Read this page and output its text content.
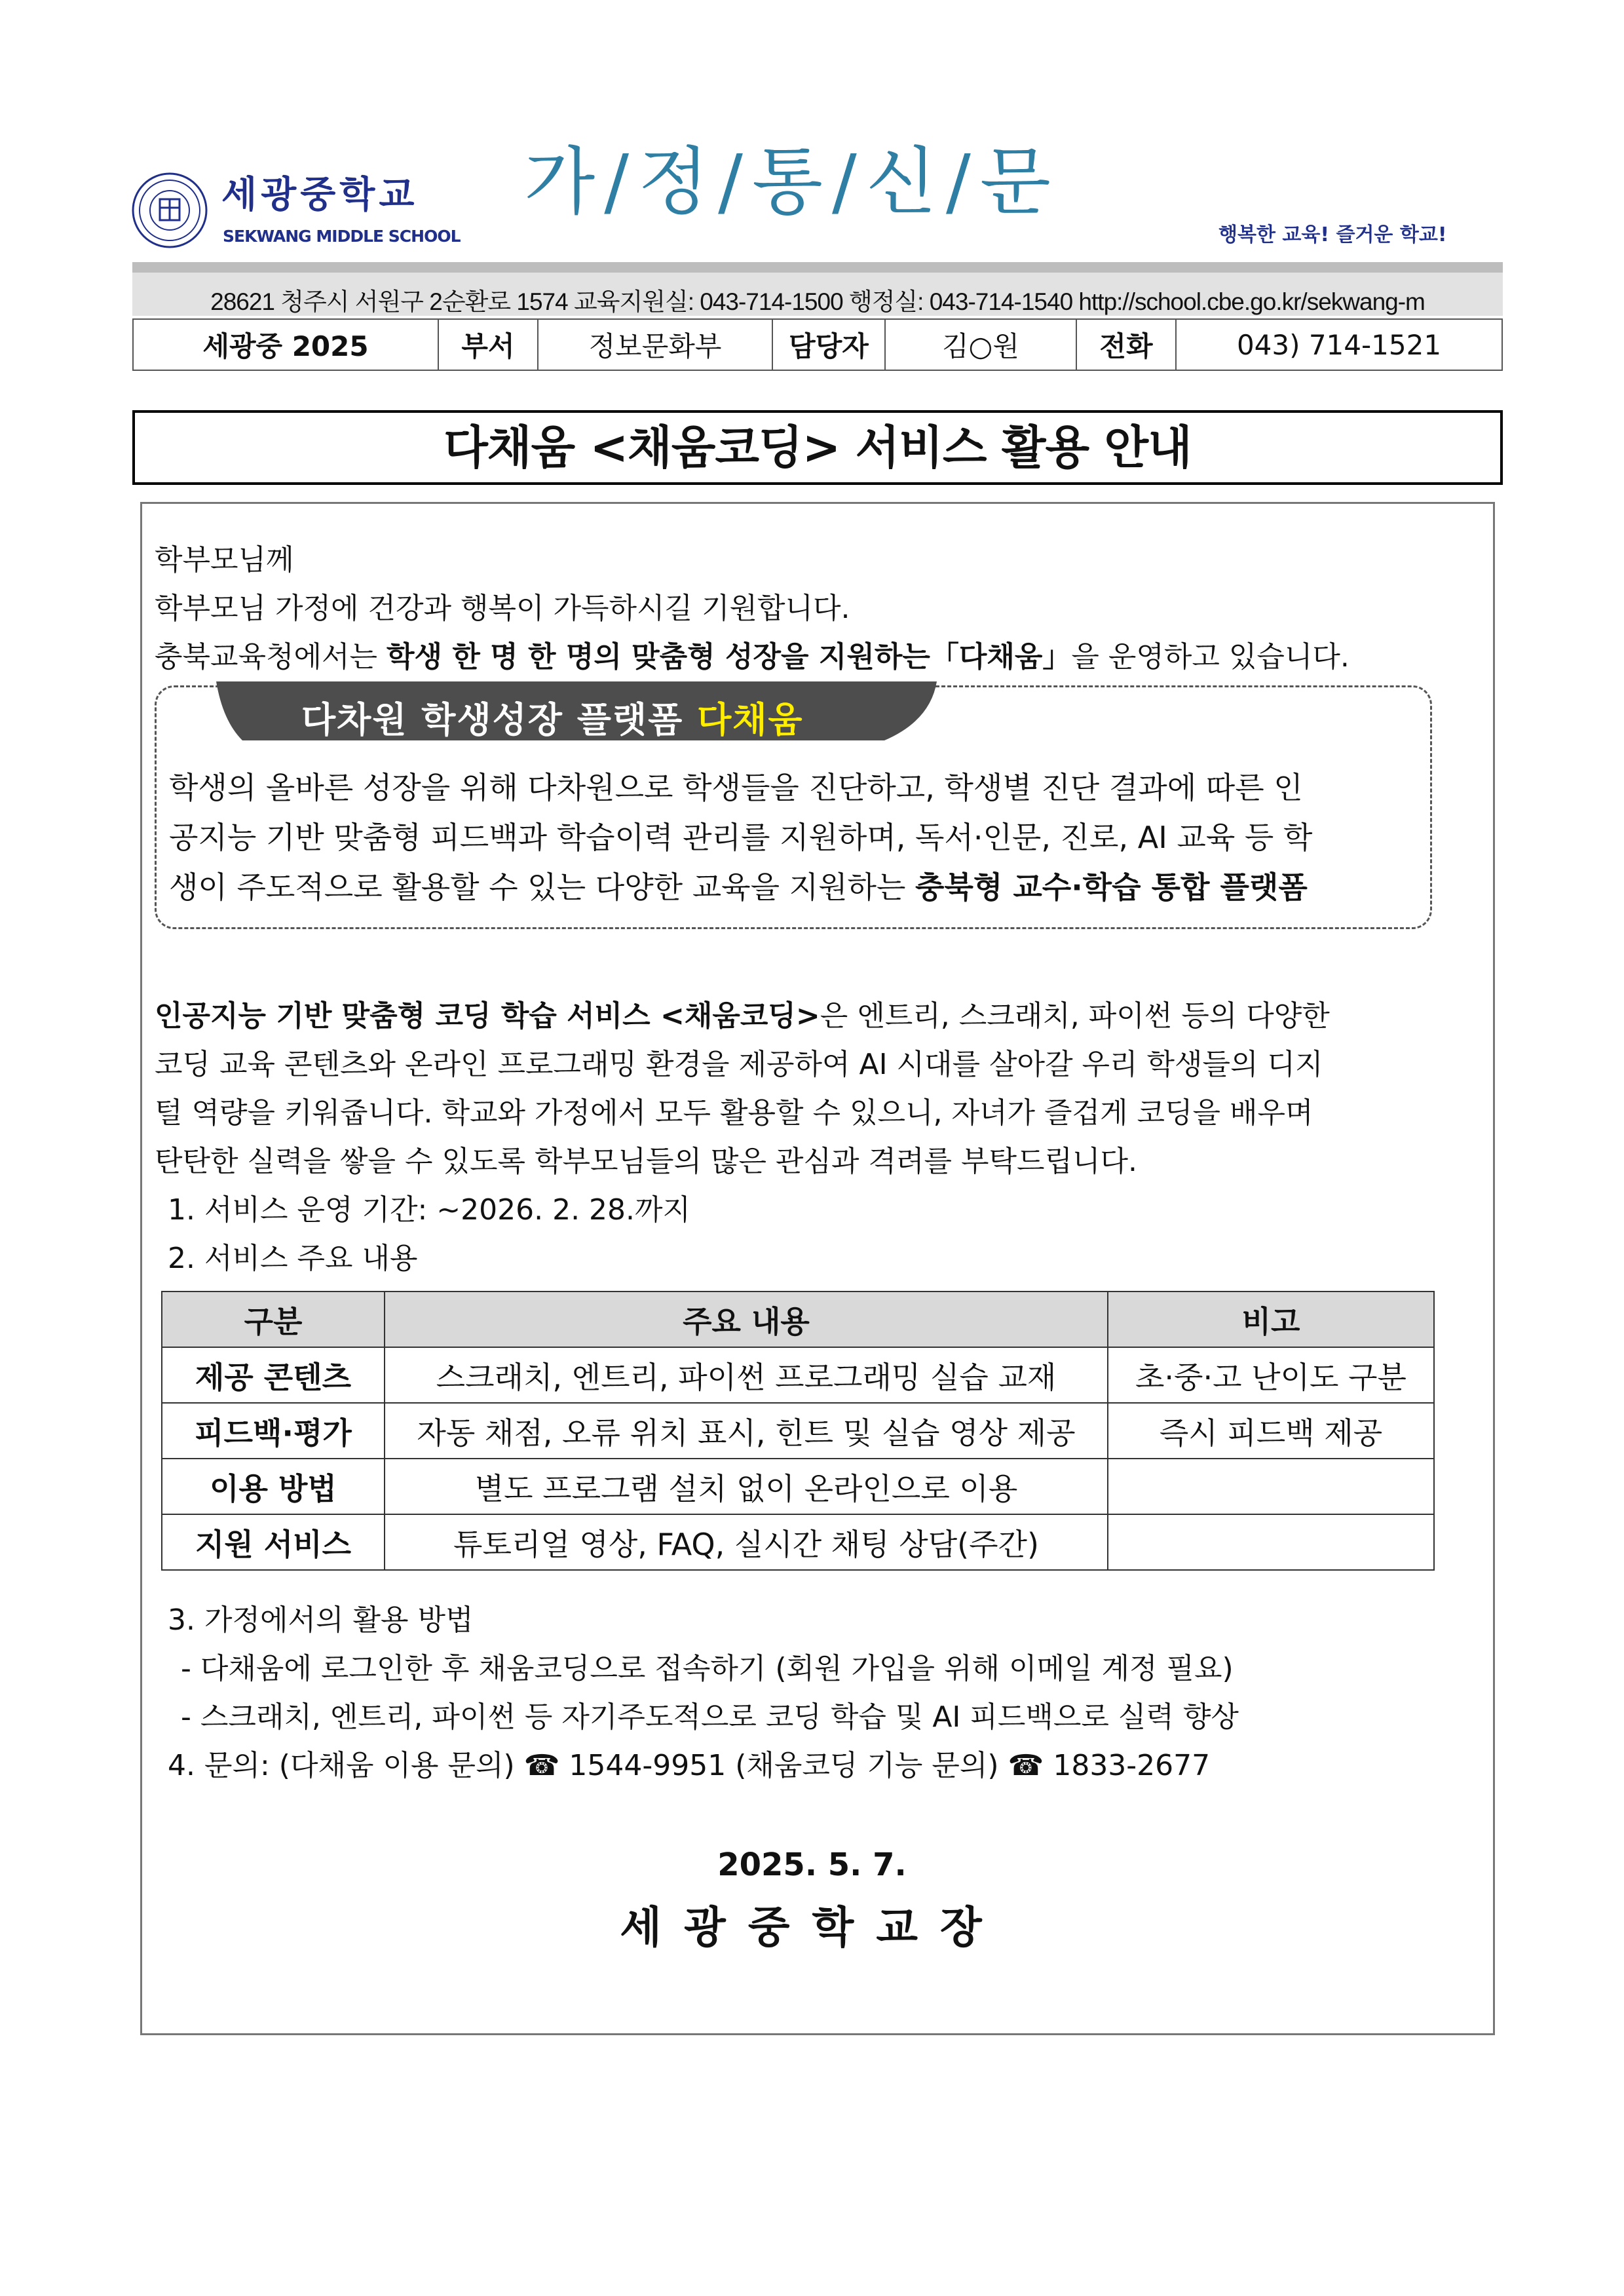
세광중학교
SEKWANG MIDDLE SCHOOL
가/정/통/신/문
행복한 교육! 즐거운 학교!
28621 청주시 서원구 2순환로 1574 교육지원실: 043-714-1500 행정실: 043-714-1540 http://school.cbe.go.kr/sekwang-m
세광중 2025	부서	정보문화부	담당자	김○원	전화	043) 714-1521
다채움 <채움코딩> 서비스 활용 안내
학부모님께
학부모님 가정에 건강과 행복이 가득하시길 기원합니다.
충북교육청에서는 학생 한 명 한 명의 맞춤형 성장을 지원하는「다채움」을 운영하고 있습니다.
다차원 학생성장 플랫폼 다채움
학생의 올바른 성장을 위해 다차원으로 학생들을 진단하고, 학생별 진단 결과에 따른 인
공지능 기반 맞춤형 피드백과 학습이력 관리를 지원하며, 독서·인문, 진로, AI 교육 등 학
생이 주도적으로 활용할 수 있는 다양한 교육을 지원하는 충북형 교수·학습 통합 플랫폼
인공지능 기반 맞춤형 코딩 학습 서비스 <채움코딩>은 엔트리, 스크래치, 파이썬 등의 다양한
코딩 교육 콘텐츠와 온라인 프로그래밍 환경을 제공하여 AI 시대를 살아갈 우리 학생들의 디지
털 역량을 키워줍니다. 학교와 가정에서 모두 활용할 수 있으니, 자녀가 즐겁게 코딩을 배우며
탄탄한 실력을 쌓을 수 있도록 학부모님들의 많은 관심과 격려를 부탁드립니다.
1. 서비스 운영 기간: ~2026. 2. 28.까지
2. 서비스 주요 내용
구분	주요 내용	비고
제공 콘텐츠	스크래치, 엔트리, 파이썬 프로그래밍 실습 교재	초·중·고 난이도 구분
피드백·평가	자동 채점, 오류 위치 표시, 힌트 및 실습 영상 제공	즉시 피드백 제공
이용 방법	별도 프로그램 설치 없이 온라인으로 이용	
지원 서비스	튜토리얼 영상, FAQ, 실시간 채팅 상담(주간)	
3. 가정에서의 활용 방법
- 다채움에 로그인한 후 채움코딩으로 접속하기 (회원 가입을 위해 이메일 계정 필요)
- 스크래치, 엔트리, 파이썬 등 자기주도적으로 코딩 학습 및 AI 피드백으로 실력 향상
4. 문의: (다채움 이용 문의) ☎ 1544-9951 (채움코딩 기능 문의) ☎ 1833-2677
2025. 5. 7.
세광중학교장
